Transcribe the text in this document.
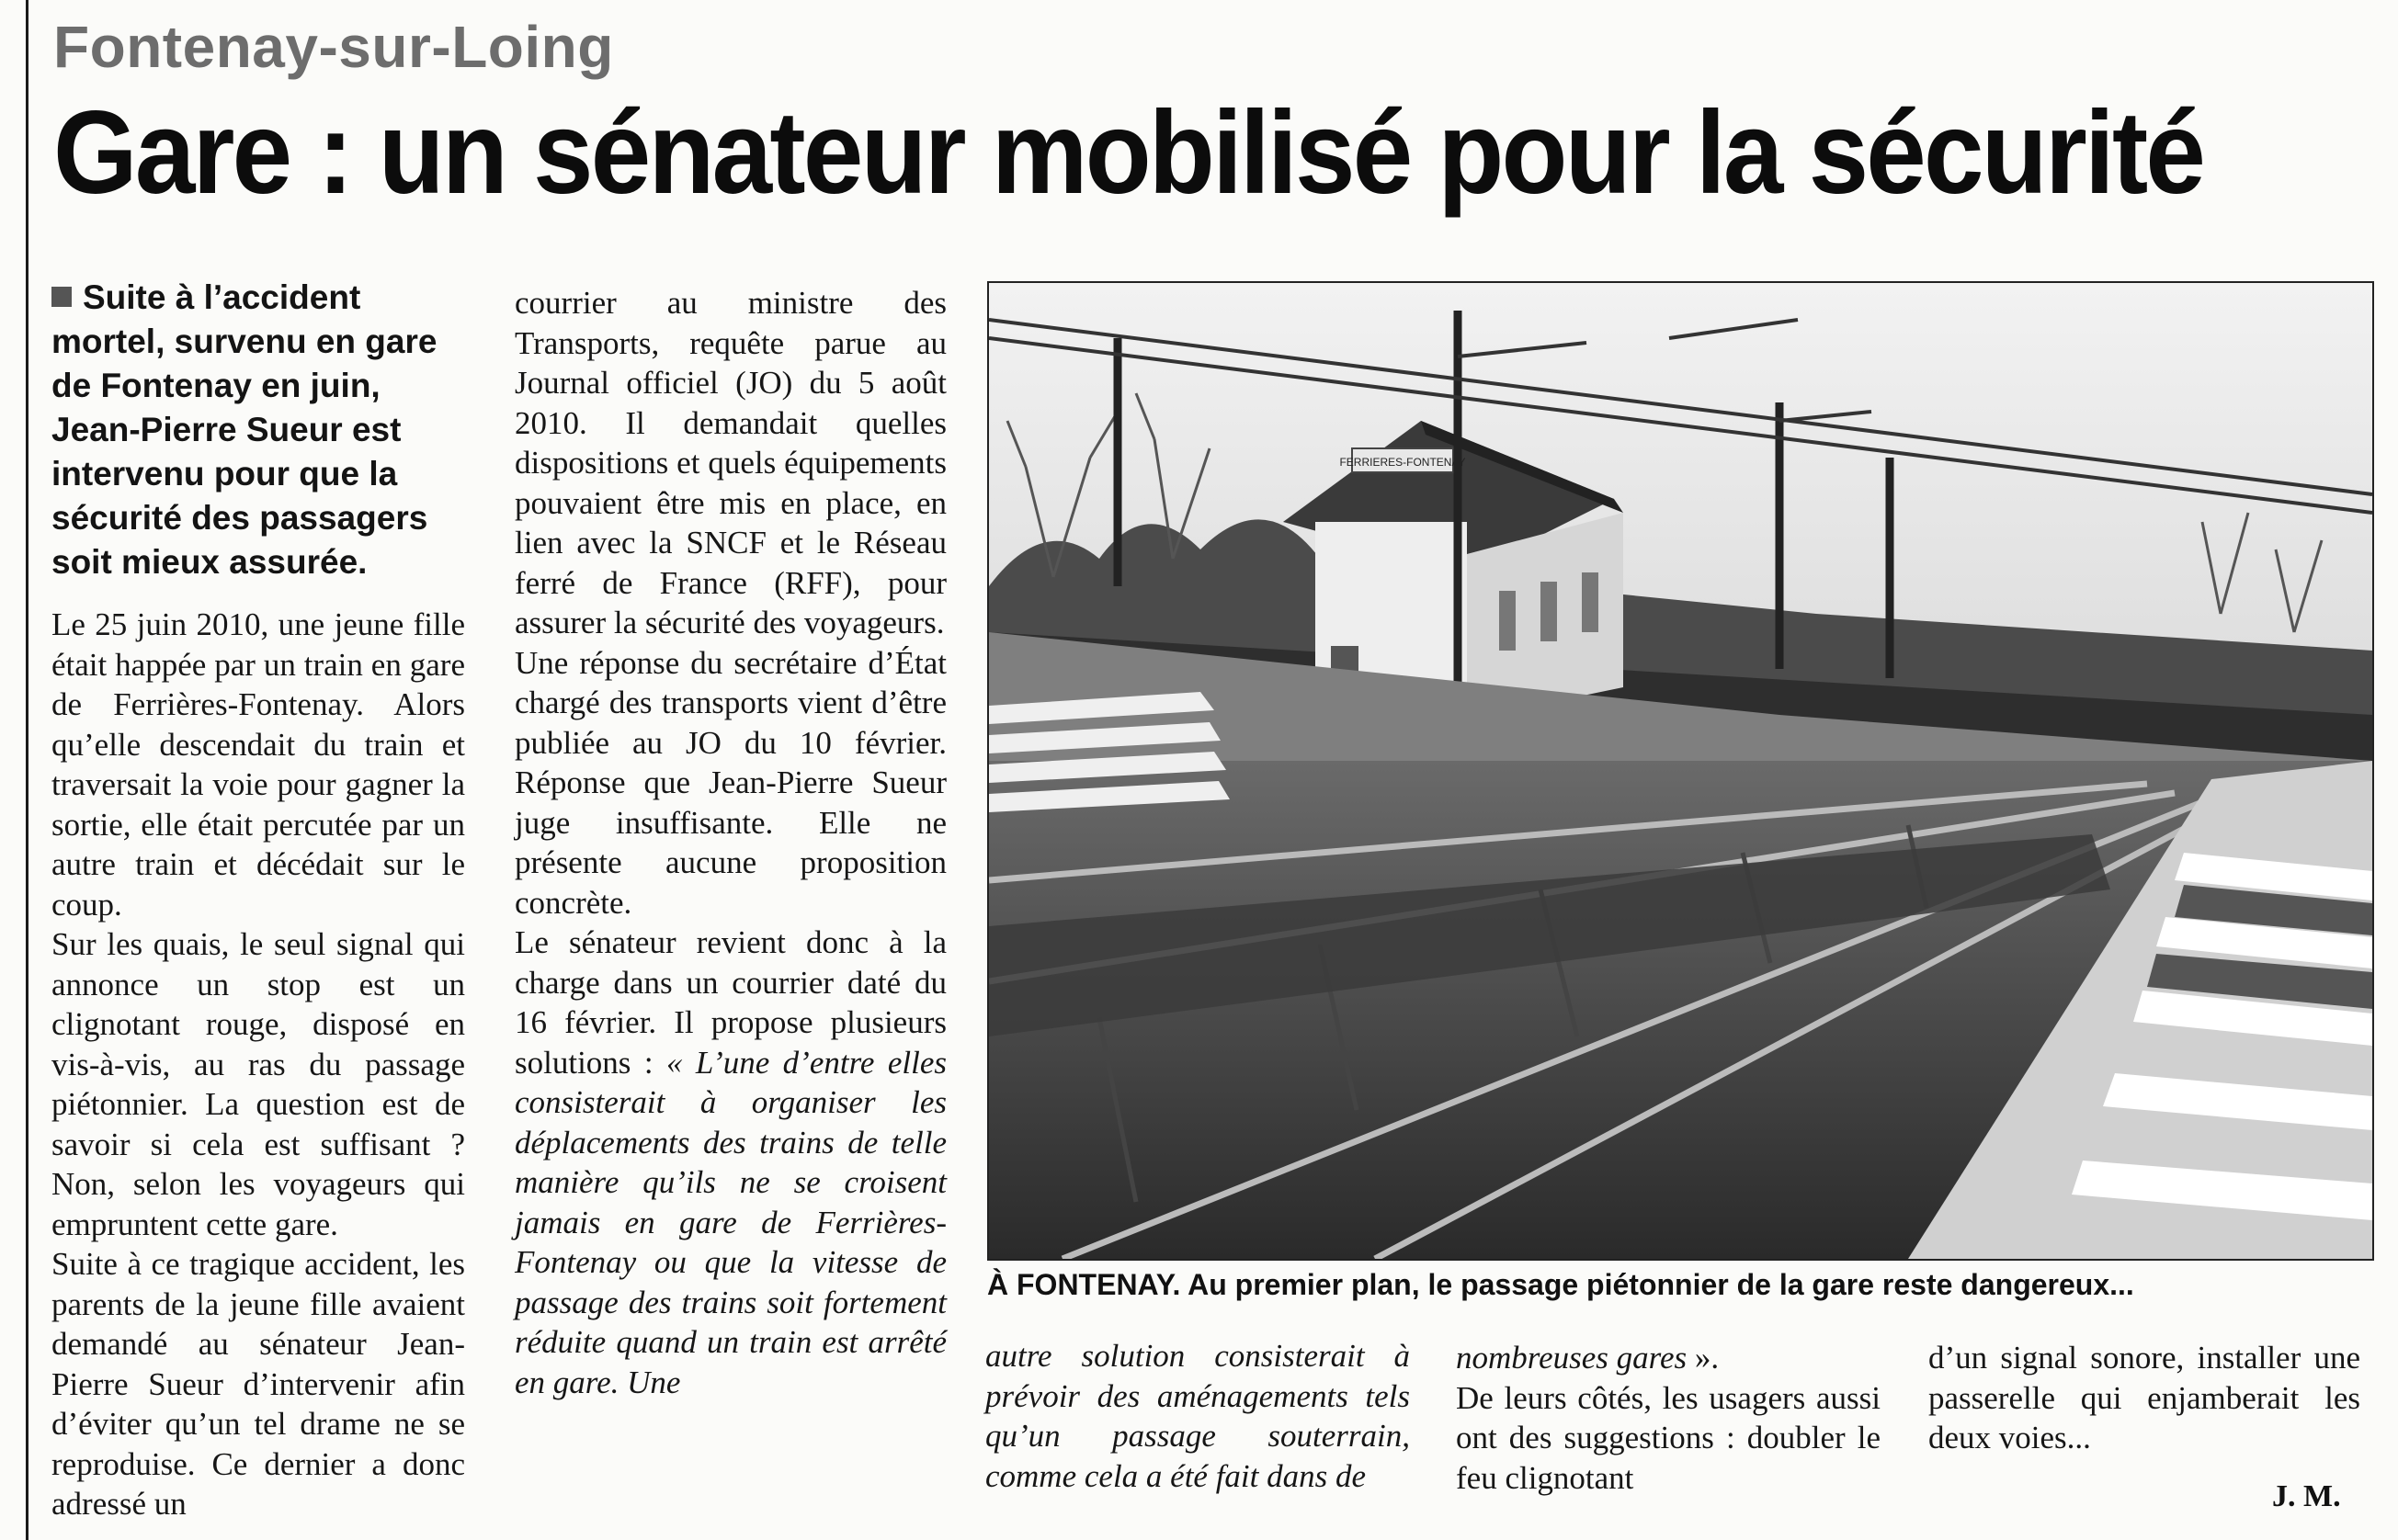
Fontenay-sur-Loing
Gare : un sénateur mobilisé pour la sécurité

Suite à l’accident mortel, survenu en gare de Fontenay en juin, Jean-Pierre Sueur est intervenu pour que la sécurité des passagers soit mieux assurée.

Le 25 juin 2010, une jeune fille était happée par un train en gare de Ferrières-Fontenay. Alors qu’elle descendait du train et traversait la voie pour gagner la sortie, elle était percutée par un autre train et décédait sur le coup.

Sur les quais, le seul signal qui annonce un stop est un clignotant rouge, disposé en vis-à-vis, au ras du passage piétonnier. La question est de savoir si cela est suffisant ? Non, selon les voyageurs qui empruntent cette gare.

Suite à ce tragique accident, les parents de la jeune fille avaient demandé au sénateur Jean-Pierre Sueur d’intervenir afin d’éviter qu’un tel drame ne se reproduise. Ce dernier a donc adressé un

courrier au ministre des Transports, requête parue au Journal officiel (JO) du 5 août 2010. Il demandait quelles dispositions et quels équipements pouvaient être mis en place, en lien avec la SNCF et le Réseau ferré de France (RFF), pour assurer la sécurité des voyageurs.

Une réponse du secrétaire d’État chargé des transports vient d’être publiée au JO du 10 février. Réponse que Jean-Pierre Sueur juge insuffisante. Elle ne présente aucune proposition concrète.

Le sénateur revient donc à la charge dans un courrier daté du 16 février. Il propose plusieurs solutions : « L’une d’entre elles consisterait à organiser les déplacements des trains de telle manière qu’ils ne se croisent jamais en gare de Ferrières-Fontenay ou que la vitesse de passage des trains soit fortement réduite quand un train est arrêté en gare. Une

FERRIERES-FONTENAY
À FONTENAY. Au premier plan, le passage piétonnier de la gare reste dangereux...

autre solution consisterait à prévoir des aménagements tels qu’un passage souterrain, comme cela a été fait dans de

nombreuses gares ».

De leurs côtés, les usagers aussi ont des suggestions : doubler le feu clignotant

d’un signal sonore, installer une passerelle qui enjamberait les deux voies...

J. M.
